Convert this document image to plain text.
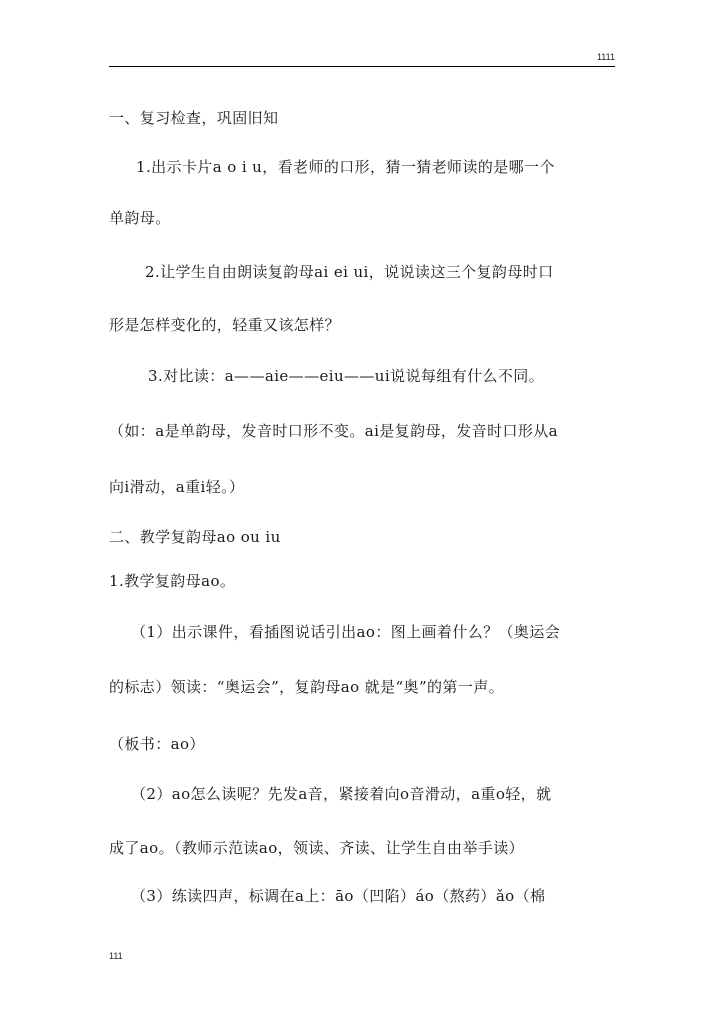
1111
一、复习检查，巩固旧知
1.出示卡片a o i u，看老师的口形，猜一猜老师读的是哪一个
单韵母。
2.让学生自由朗读复韵母ai ei ui，说说读这三个复韵母时口
形是怎样变化的，轻重又该怎样？
3.对比读：a——aie——eiu——ui说说每组有什么不同。
（如：a是单韵母，发音时口形不变。ai是复韵母，发音时口形从a
向i滑动，a重i轻。）
二、教学复韵母ao ou iu
1.教学复韵母ao。
（1）出示课件，看插图说话引出ao：图上画着什么？（奥运会
的标志）领读：“奥运会”，复韵母ao 就是“奥”的第一声。
（板书：ao）
（2）ao怎么读呢？先发a音，紧接着向o音滑动，a重o轻，就
成了ao。（教师示范读ao，领读、齐读、让学生自由举手读）
（3）练读四声，标调在a上：āo（凹陷）áo（熬药）ǎo（棉
111
